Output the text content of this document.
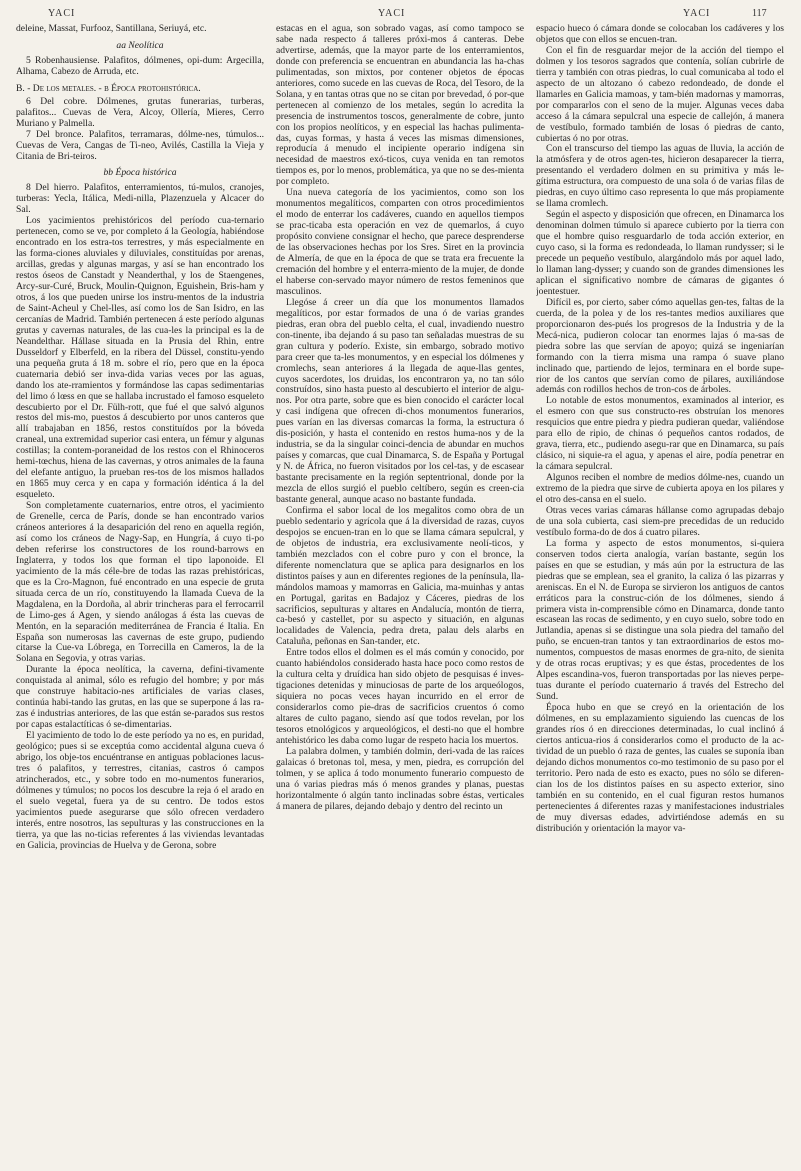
YACI	YACI	YACI	117

deleine, Massat, Furfooz, Santillana, Seriuyá, etc.

aa Neolítica

5 Robenhausiense. Palafitos, dólmenes, opi-dum: Argecilla, Alhama, Cabezo de Arruda, etc.

B. - De los metales. - b Época protohistórica.

6 Del cobre. Dólmenes, grutas funerarias, turberas, palafitos... Cuevas de Vera, Alcoy, Ollería, Mieres, Cerro Muriano y Palmella.

7 Del bronce. Palafitos, terramaras, dólme-nes, túmulos... Cuevas de Vera, Cangas de Ti-neo, Avilés, Castilla la Vieja y Citania de Bri-teiros.

bb Época histórica

8 Del hierro. Palafitos, enterramientos, tú-mulos, cranojes, turberas: Yecla, Itálica, Medi-nilla, Plazenzuela y Alcacer do Sal.

Los yacimientos prehistóricos del período cua-ternario pertenecen, como se ve, por completo á la Geología, habiéndose encontrado en los estra-tos terrestres, y más especialmente en las forma-ciones aluviales y diluviales, constituídas por arenas, arcillas, gredas y algunas margas, y así se han encontrado los restos óseos de Canstadt y Neanderthal, y los de Staengenes, Arcy-sur-Curé, Bruck, Moulin-Quignon, Eguishein, Bris-ham y otros, á los que pueden unirse los instru-mentos de la industria de Saint-Acheul y Chel-lles, así como los de San Isidro, en las cercanías de Madrid. También pertenecen á este período algunas grutas y cavernas naturales, de las cua-les la principal es la de Neandelthar. Hállase situada en la Prusia del Rhin, entre Dusseldorf y Elberfeld, en la ribera del Düssel, constitu-yendo una pequeña gruta á 18 m. sobre el río, pero que en la época cuaternaria debió ser inva-dida varias veces por las aguas, dando los ate-rramientos y formándose las capas sedimentarias del limo ó lœss en que se hallaba incrustado el famoso esqueleto descubierto por el Dr. Fülh-rott, que fué el que salvó algunos restos del mis-mo, puestos á descubierto por unos canteros que allí trabajaban en 1856, restos constituídos por la bóveda craneal, una extremidad superior casi entera, un fémur y algunas costillas; la contem-poraneidad de los restos con el Rhinoceros hemi-tœchus, hiena de las cavernas, y otros animales de la fauna del elefante antiguo, la prueban res-tos de los mismos hallados en 1865 muy cerca y en capa y formación idéntica á la del esqueleto.

Son completamente cuaternarios, entre otros, el yacimiento de Grenelle, cerca de París, donde se han encontrado varios cráneos anteriores á la desaparición del reno en aquella región, así como los cráneos de Nagy-Sap, en Hungría, á cuyo ti-po deben referirse los constructores de los round-barrows en Inglaterra, y todos los que forman el tipo laponoide. El yacimiento de la más céle-bre de todas las razas prehistóricas, que es la Cro-Magnon, fué encontrado en una especie de gruta situada cerca de un río, constituyendo la llamada Cueva de la Magdalena, en la Dordoña, al abrir trincheras para el ferrocarril de Limo-ges á Agen, y siendo análogas á ésta las cuevas de Mentón, en la separación mediterránea de Francia é Italia. En España son numerosas las cavernas de este grupo, pudiendo citarse la Cue-va Lóbrega, en Torrecilla en Cameros, la de la Solana en Segovia, y otras varias.

Durante la época neolítica, la caverna, defini-tivamente conquistada al animal, sólo es refugio del hombre; y por más que construye habitacio-nes artificiales de varias clases, continúa habi-tando las grutas, en las que se superpone á las ra-zas é industrias anteriores, de las que están se-parados sus restos por capas estalactíticas ó se-dimentarias.

El yacimiento de todo lo de este período ya no es, en puridad, geológico; pues si se exceptúa como accidental alguna cueva ó abrigo, los obje-tos encuéntranse en antiguas poblaciones lacus-tres ó palafitos, y terrestres, citanias, castros ó campos atrincherados, etc., y sobre todo en mo-numentos funerarios, dólmenes y túmulos; no pocos los descubre la reja ó el arado en el suelo vegetal, fuera ya de su centro. De todos estos yacimientos puede asegurarse que sólo ofrecen verdadero interés, entre nosotros, las sepulturas y las construcciones en la tierra, ya que las no-ticias referentes á las viviendas levantadas en Galicia, provincias de Huelva y de Gerona, sobre

estacas en el agua, son sobrado vagas, así como tampoco se sabe nada respecto á talleres próxi-mos á canteras. Debe advertirse, además, que la mayor parte de los enterramientos, donde con preferencia se encuentran en abundancia las ha-chas pulimentadas, son mixtos, por contener objetos de épocas anteriores, como sucede en las cuevas de Roca, del Tesoro, de la Solana, y en tantas otras que no se citan por brevedad, ó por-que pertenecen al comienzo de los metales, según lo acredita la presencia de instrumentos toscos, generalmente de cobre, junto con los propios neolíticos, y en especial las hachas pulimenta-das, cuyas formas, y hasta á veces las mismas dimensiones, reproducía á menudo el incipiente operario indígena sin necesidad de maestros exó-ticos, cuya venida en tan remotos tiempos es, por lo menos, problemática, ya que no se des-mienta por completo.

Una nueva categoría de los yacimientos, como son los monumentos megalíticos, comparten con otros procedimientos el modo de enterrar los cadáveres, cuando en aquellos tiempos se prac-ticaba esta operación en vez de quemarlos, á cuyo propósito conviene consignar el hecho, que parece desprenderse de las observaciones hechas por los Sres. Siret en la provincia de Almería, de que en la época de que se trata era frecuente la cremación del hombre y el enterra-miento de la mujer, de donde el haberse con-servado mayor número de restos femeninos que masculinos.

Llegóse á creer un día que los monumentos llamados megalíticos, por estar formados de una ó de varias grandes piedras, eran obra del pueblo celta, el cual, invadiendo nuestro con-tinente, iba dejando á su paso tan señaladas muestras de su gran cultura y poderío. Existe, sin embargo, sobrado motivo para creer que ta-les monumentos, y en especial los dólmenes y cromlechs, sean anteriores á la llegada de aque-llas gentes, cuyos sacerdotes, los druidas, los encontraron ya, no tan sólo construídos, sino hasta puesto al descubierto el interior de algu-nos. Por otra parte, sobre que es bien conocido el carácter local y casi indígena que ofrecen di-chos monumentos funerarios, pues varían en las diversas comarcas la forma, la estructura ó dis-posición, y hasta el contenido en restos huma-nos y de la industria, se da la singular coinci-dencia de abundar en muchos países y comarcas, que cual Dinamarca, S. de España y Portugal y N. de África, no fueron visitados por los cel-tas, y de escasear bastante precisamente en la región septentrional, donde por la mezcla de ellos surgió el pueblo celtíbero, según es creen-cia bastante general, aunque acaso no bastante fundada.

Confirma el sabor local de los megalitos como obra de un pueblo sedentario y agrícola que á la diversidad de razas, cuyos despojos se encuen-tran en lo que se llama cámara sepulcral, y de objetos de industria, era exclusivamente neolí-ticos, y también mezclados con el cobre puro y con el bronce, la diferente nomenclatura que se aplica para designarlos en los distintos países y aun en diferentes regiones de la península, lla-mándolos mamoas y mamorras en Galicia, ma-muinhas y antas en Portugal, garitas en Badajoz y Cáceres, piedras de los sacrificios, sepulturas y altares en Andalucía, montón de tierra, ca-besó y castellet, por su aspecto y situación, en algunas localidades de Valencia, pedra dreta, palau dels alarbs en Cataluña, peñonas en San-tander, etc.

Entre todos ellos el dolmen es el más común y conocido, por cuanto habiéndolos considerado hasta hace poco como restos de la cultura celta y druídica han sido objeto de pesquisas é inves-tigaciones detenidas y minuciosas de parte de los arqueólogos, siquiera no pocas veces hayan incurrido en el error de considerarlos como pie-dras de sacrificios cruentos ó como altares de culto pagano, siendo así que todos revelan, por los tesoros etnológicos y arqueológicos, el desti-no que el hombre antehistórico les daba como lugar de respeto hacia los muertos.

La palabra dolmen, y también dolmin, deri-vada de las raíces galaicas ó bretonas tol, mesa, y men, piedra, es corrupción del tolmen, y se aplica á todo monumento funerario compuesto de una ó varias piedras más ó menos grandes y planas, puestas horizontalmente ó algún tanto inclinadas sobre éstas, verticales á manera de pilares, dejando debajo y dentro del recinto un

espacio hueco ó cámara donde se colocaban los cadáveres y los objetos que con ellos se encuen-tran.

Con el fin de resguardar mejor de la acción del tiempo el dolmen y los tesoros sagrados que contenía, solían cubrirle de tierra y también con otras piedras, lo cual comunicaba al todo el aspecto de un altozano ó cabezo redondeado, de donde el llamarles en Galicia mamoas, y tam-bién madornas y mamorras, por compararlos con el seno de la mujer. Algunas veces daba acceso á la cámara sepulcral una especie de callejón, á manera de vestíbulo, formado también de losas ó piedras de canto, cubiertas ó no por otras.

Con el transcurso del tiempo las aguas de lluvia, la acción de la atmósfera y de otros agen-tes, hicieron desaparecer la tierra, presentando el verdadero dolmen en su primitiva y más le-gítima estructura, ora compuesto de una sola ó de varias filas de piedras, en cuyo último caso representa lo que más propiamente se llama cromlech.

Según el aspecto y disposición que ofrecen, en Dinamarca los denominan dolmen túmulo si aparece cubierto por la tierra con que el hombre quiso resguardarlo de toda acción exterior, en cuyo caso, si la forma es redondeada, lo llaman rundysser; si le precede un pequeño vestíbulo, alargándolo más por aquel lado, lo llaman lang-dysser; y cuando son de grandes dimensiones les aplican el significativo nombre de cámaras de gigantes ó joentestuer.

Difícil es, por cierto, saber cómo aquellas gen-tes, faltas de la cuerda, de la polea y de los res-tantes medios auxiliares que proporcionaron des-pués los progresos de la Industria y de la Mecá-nica, pudieron colocar tan enormes lajas ó ma-sas de piedra sobre las que servían de apoyo; quizá se ingeniarían formando con la tierra misma una rampa ó suave plano inclinado que, partiendo de lejos, terminara en el borde supe-rior de los cantos que servían como de pilares, auxiliándose además con rodillos hechos de tron-cos de árboles.

Lo notable de estos monumentos, examinados al interior, es el esmero con que sus constructo-res obstruían los menores resquicios que entre piedra y piedra pudieran quedar, valiéndose para ello de ripio, de chinas ó pequeños cantos rodados, de grava, tierra, etc., pudiendo asegu-rar que en Dinamarca, su país clásico, ni siquie-ra el agua, y apenas el aire, podía penetrar en la cámara sepulcral.

Algunos reciben el nombre de medios dólme-nes, cuando un extremo de la piedra que sirve de cubierta apoya en los pilares y el otro des-cansa en el suelo.

Otras veces varias cámaras hállanse como agrupadas debajo de una sola cubierta, casi siem-pre precedidas de un reducido vestíbulo forma-do de dos á cuatro pilares.

La forma y aspecto de estos monumentos, si-quiera conserven todos cierta analogía, varían bastante, según los países en que se estudian, y más aún por la estructura de las piedras que se emplean, sea el granito, la caliza ó las pizarras y areniscas. En el N. de Europa se sirvieron los antiguos de cantos erráticos para la construc-ción de los dólmenes, siendo á primera vista in-comprensible cómo en Dinamarca, donde tanto escasean las rocas de sedimento, y en cuyo suelo, sobre todo en Jutlandia, apenas si se distingue una sola piedra del tamaño del puño, se encuen-tran tantos y tan extraordinarios de estos mo-numentos, compuestos de masas enormes de gra-nito, de sienita y de otras rocas eruptivas; y es que éstas, procedentes de los Alpes escandina-vos, fueron transportadas por las nieves perpe-tuas durante el período cuaternario á través del Estrecho del Sund.

Época hubo en que se creyó en la orientación de los dólmenes, en su emplazamiento siguiendo las cuencas de los grandes ríos ó en direcciones determinadas, lo cual inclinó á ciertos anticua-rios á considerarlos como el producto de la ac-tividad de un pueblo ó raza de gentes, las cuales se suponía iban dejando dichos monumentos co-mo testimonio de su paso por el territorio. Pero nada de esto es exacto, pues no sólo se diferen-cian los de los distintos países en su aspecto exterior, sino también en su contenido, en el cual figuran restos humanos pertenecientes á diferentes razas y manifestaciones industriales de muy diversas edades, advirtiéndose además en su distribución y orientación la mayor va-
